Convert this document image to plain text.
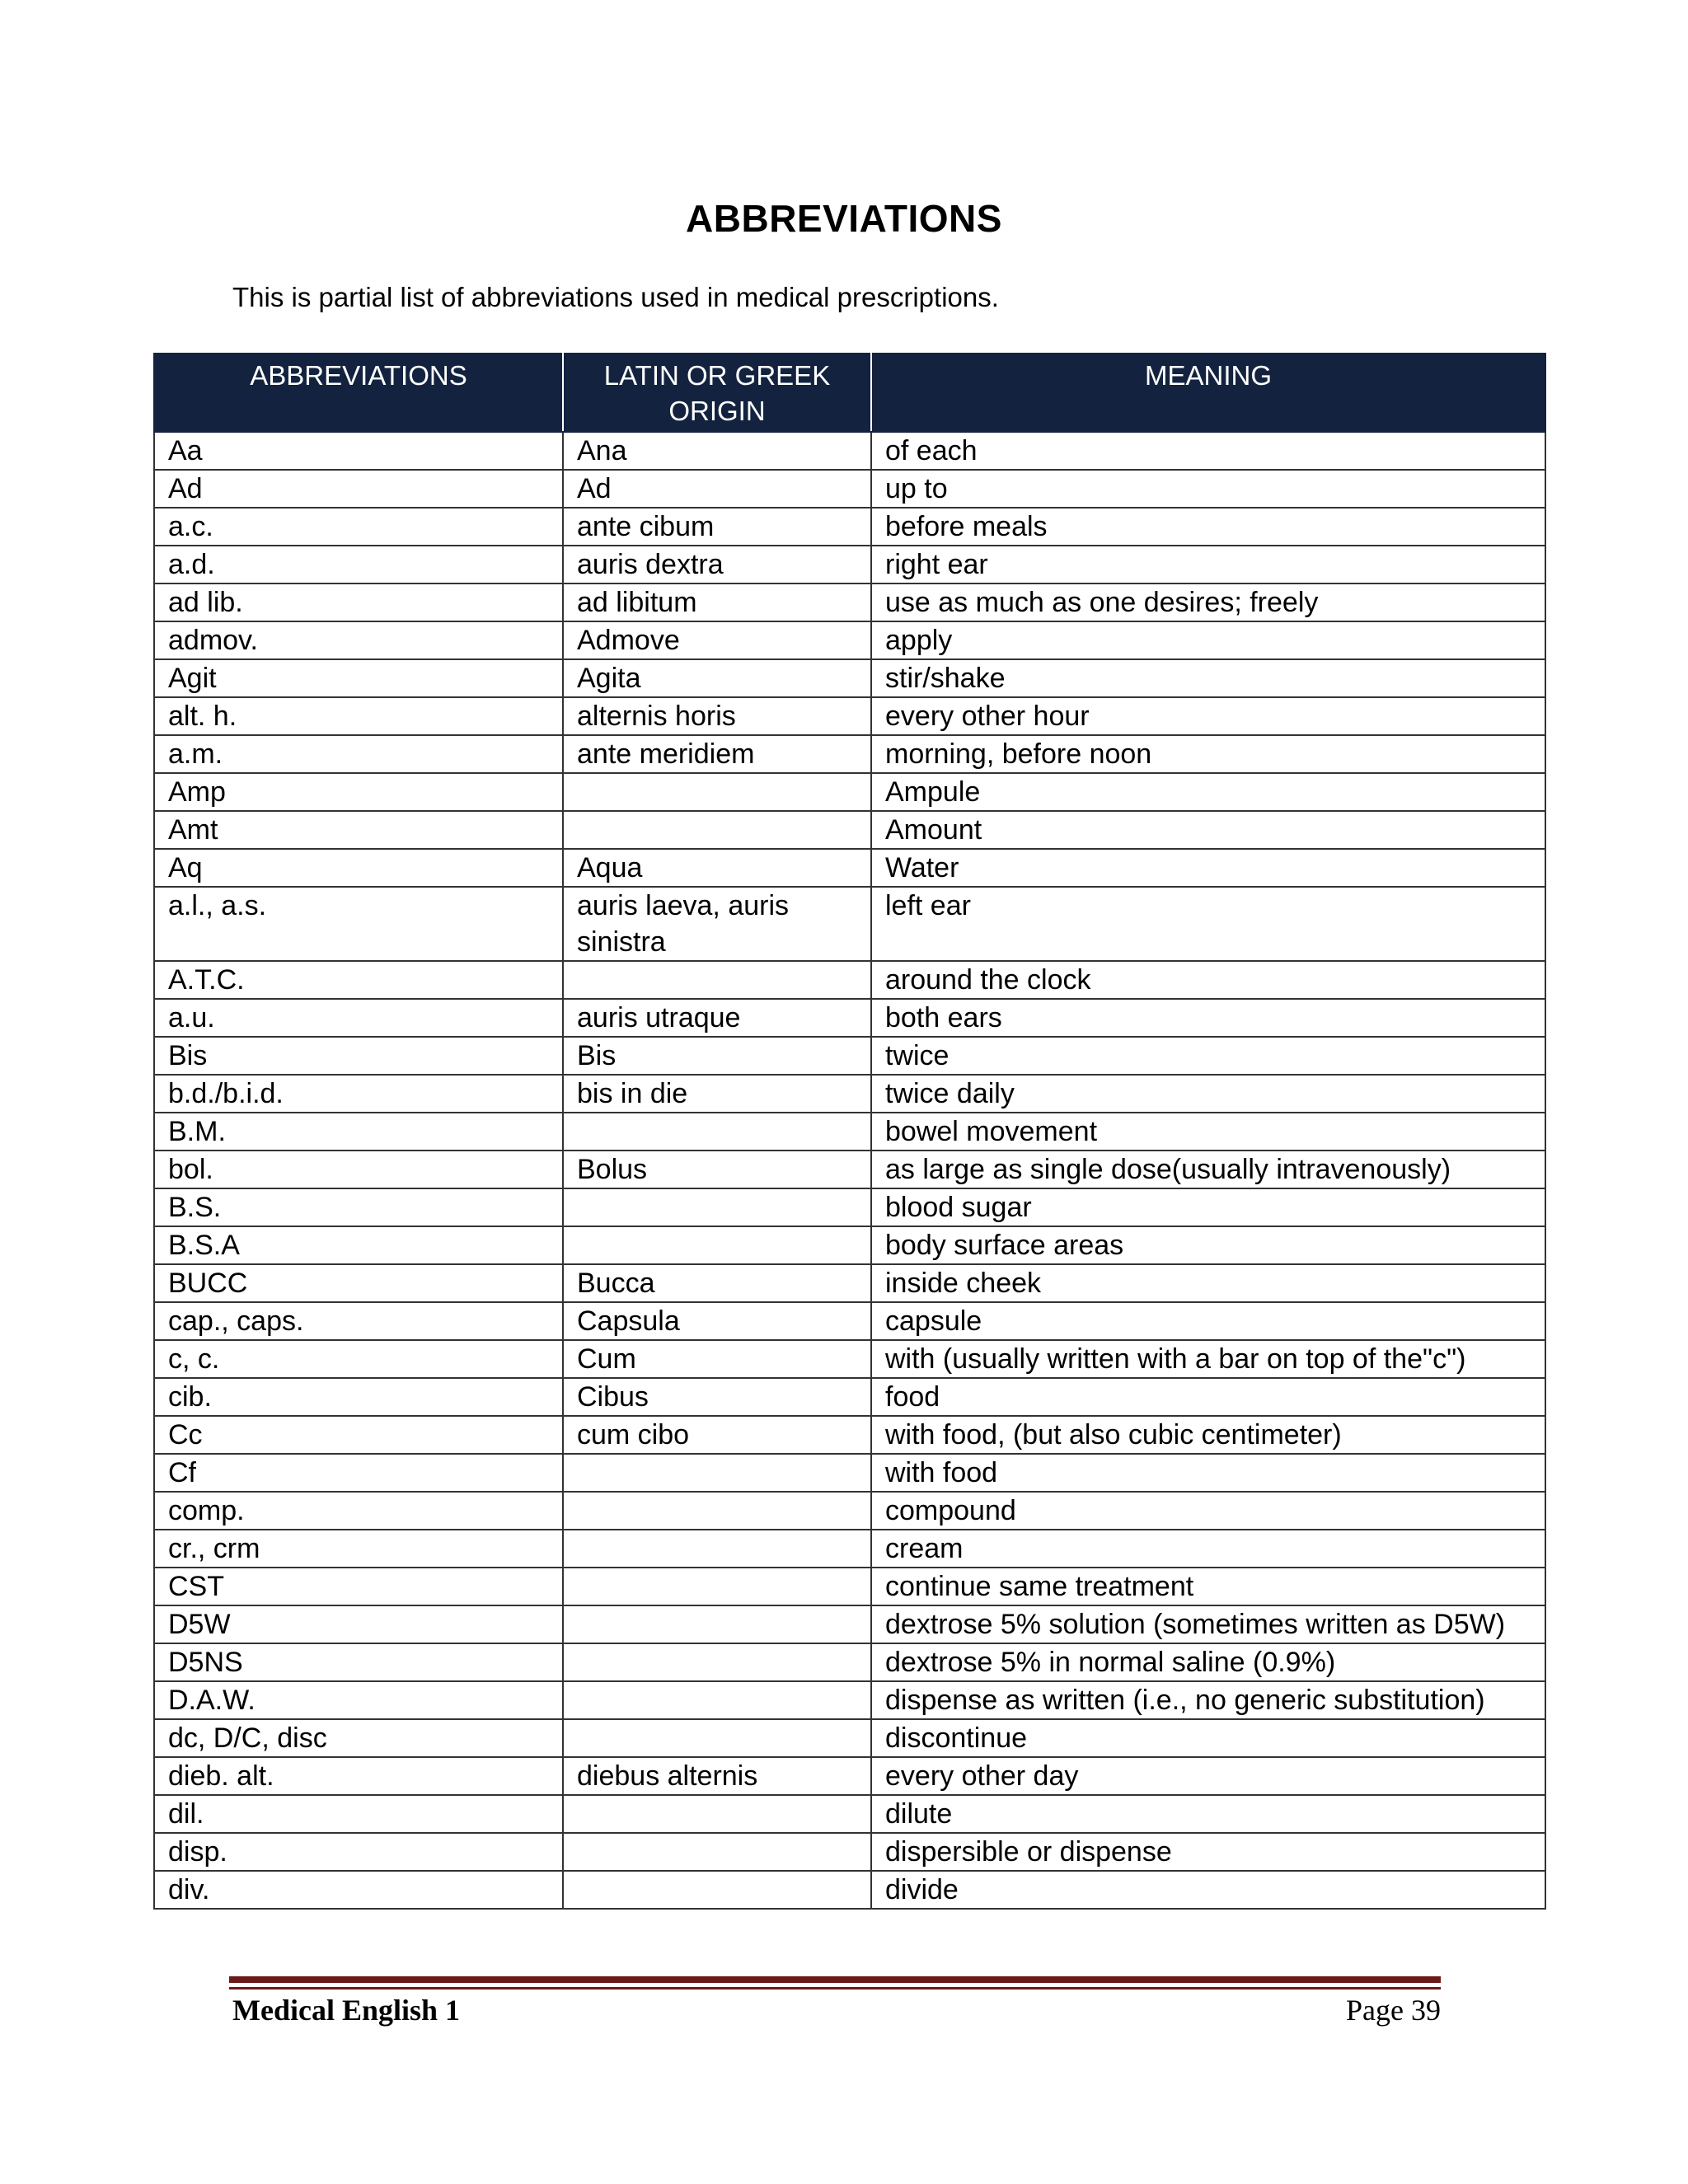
ABBREVIATIONS
This is partial list of abbreviations used in medical prescriptions.
ABBREVIATIONS	LATIN OR GREEK ORIGIN	MEANING
Aa	Ana	of each
Ad	Ad	up to
a.c.	ante cibum	before meals
a.d.	auris dextra	right ear
ad lib.	ad libitum	use as much as one desires; freely
admov.	Admove	apply
Agit	Agita	stir/shake
alt. h.	alternis horis	every other hour
a.m.	ante meridiem	morning, before noon
Amp		Ampule
Amt		Amount
Aq	Aqua	Water
a.l., a.s.	auris laeva, auris sinistra	left ear
A.T.C.		around the clock
a.u.	auris utraque	both ears
Bis	Bis	twice
b.d./b.i.d.	bis in die	twice daily
B.M.		bowel movement
bol.	Bolus	as large as single dose(usually intravenously)
B.S.		blood sugar
B.S.A		body surface areas
BUCC	Bucca	inside cheek
cap., caps.	Capsula	capsule
c, c.	Cum	with (usually written with a bar on top of the"c")
cib.	Cibus	food
Cc	cum cibo	with food, (but also cubic centimeter)
Cf		with food
comp.		compound
cr., crm		cream
CST		continue same treatment
D5W		dextrose 5% solution (sometimes written as D5W)
D5NS		dextrose 5% in normal saline (0.9%)
D.A.W.		dispense as written (i.e., no generic substitution)
dc, D/C, disc		discontinue
dieb. alt.	diebus alternis	every other day
dil.		dilute
disp.		dispersible or dispense
div.		divide
Medical English 1	Page 39
